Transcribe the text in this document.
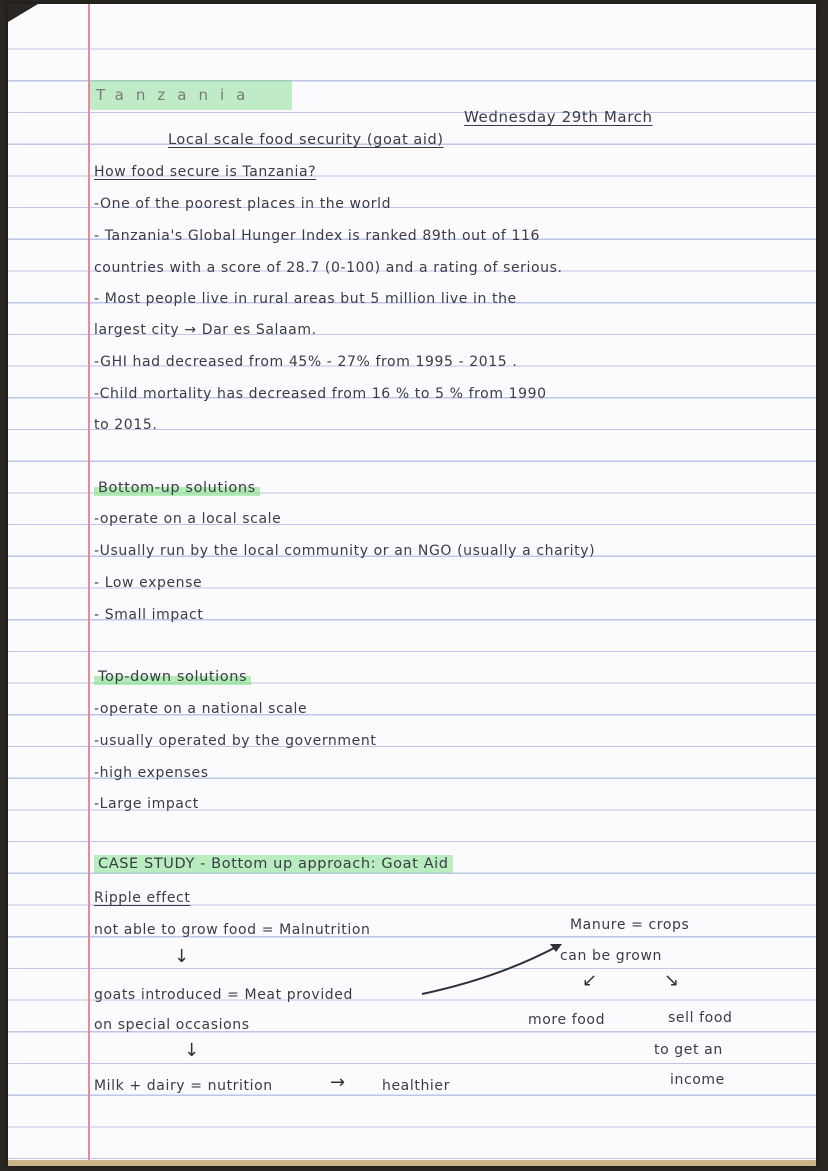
Tanzania
Wednesday 29th March
Local scale food security (goat aid)
How food secure is Tanzania?
-One of the poorest places in the world
- Tanzania's Global Hunger Index is ranked 89th out of 116
countries with a score of 28.7 (0-100) and a rating of serious.
- Most people live in rural areas but 5 million live in the
largest city → Dar es Salaam.
-GHI had decreased from 45% - 27% from 1995 - 2015 .
-Child mortality has decreased from 16 % to 5 % from 1990
to 2015.
Bottom-up solutions
-operate on a local scale
-Usually run by the local community or an NGO (usually a charity)
- Low expense
- Small impact
Top-down solutions
-operate on a national scale
-usually operated by the government
-high expenses
-Large impact
CASE STUDY - Bottom up approach: Goat Aid
Ripple effect
not able to grow food = Malnutrition
↓
goats introduced = Meat provided
on special occasions
↓
Milk + dairy = nutrition	→	healthier
Manure = crops
can be grown
↙	↘
more food	sell food
to get an
income
